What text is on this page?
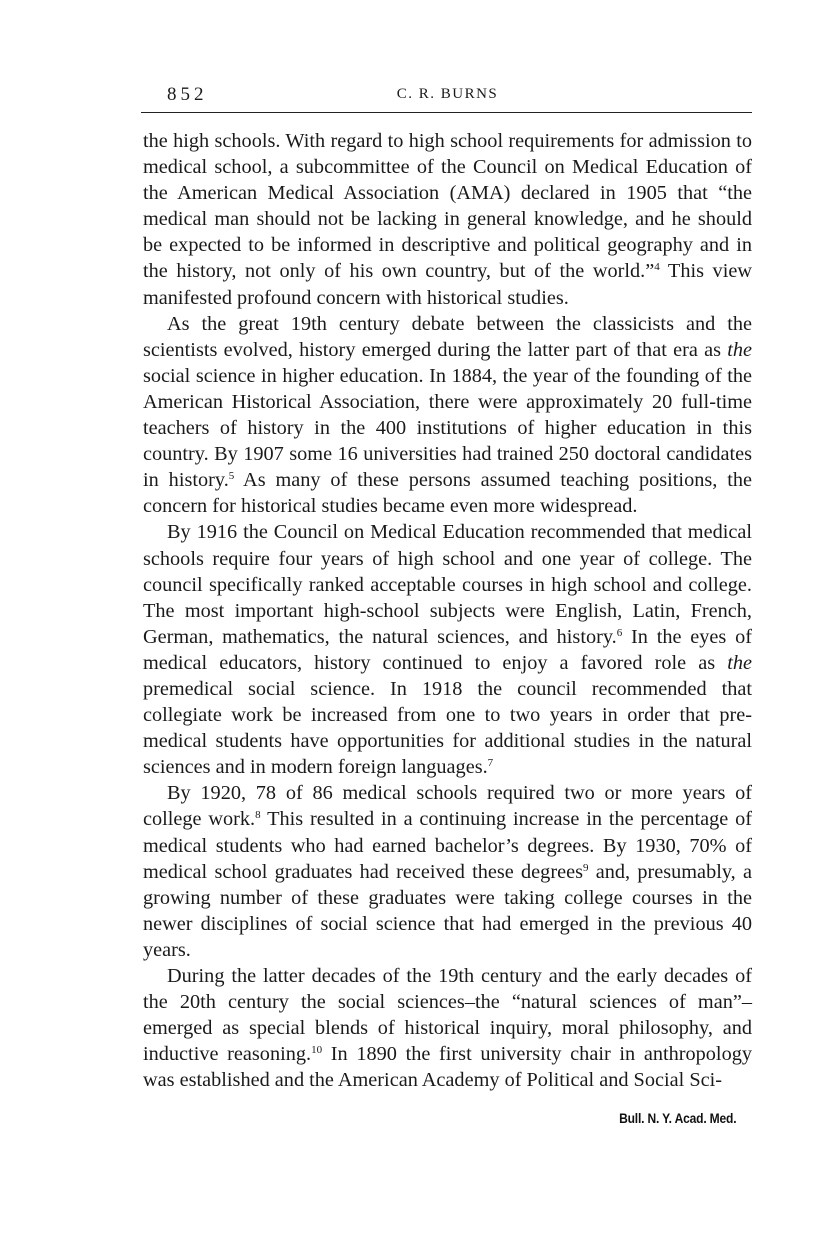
852	C. R. BURNS

the high schools. With regard to high school requirements for admission to medical school, a subcommittee of the Council on Medical Education of the American Medical Association (AMA) declared in 1905 that “the medical man should not be lacking in general knowledge, and he should be expected to be informed in descriptive and political geography and in the history, not only of his own country, but of the world.”$^4$ This view manifested profound concern with historical studies.

As the great 19th century debate between the classicists and the scientists evolved, history emerged during the latter part of that era as the social science in higher education. In 1884, the year of the founding of the American Historical Association, there were approximately 20 full-time teachers of history in the 400 institutions of higher education in this country. By 1907 some 16 universities had trained 250 doctoral candidates in history.$^5$ As many of these persons assumed teaching positions, the concern for historical studies became even more widespread.

By 1916 the Council on Medical Education recommended that medical schools require four years of high school and one year of college. The council specifically ranked acceptable courses in high school and college. The most important high-school subjects were English, Latin, French, German, mathematics, the natural sciences, and history.$^6$ In the eyes of medical educators, history continued to enjoy a favored role as the premedical social science. In 1918 the council recommended that collegiate work be increased from one to two years in order that premedical students have opportunities for additional studies in the natural sciences and in modern foreign languages.$^7$

By 1920, 78 of 86 medical schools required two or more years of college work.$^8$ This resulted in a continuing increase in the percentage of medical students who had earned bachelor’s degrees. By 1930, 70% of medical school graduates had received these degrees$^9$ and, presumably, a growing number of these graduates were taking college courses in the newer disciplines of social science that had emerged in the previous 40 years.

During the latter decades of the 19th century and the early decades of the 20th century the social sciences–the “natural sciences of man”– emerged as special blends of historical inquiry, moral philosophy, and inductive reasoning.$^{10}$ In 1890 the first university chair in anthropology was established and the American Academy of Political and Social Sci-

Bull. N. Y. Acad. Med.
